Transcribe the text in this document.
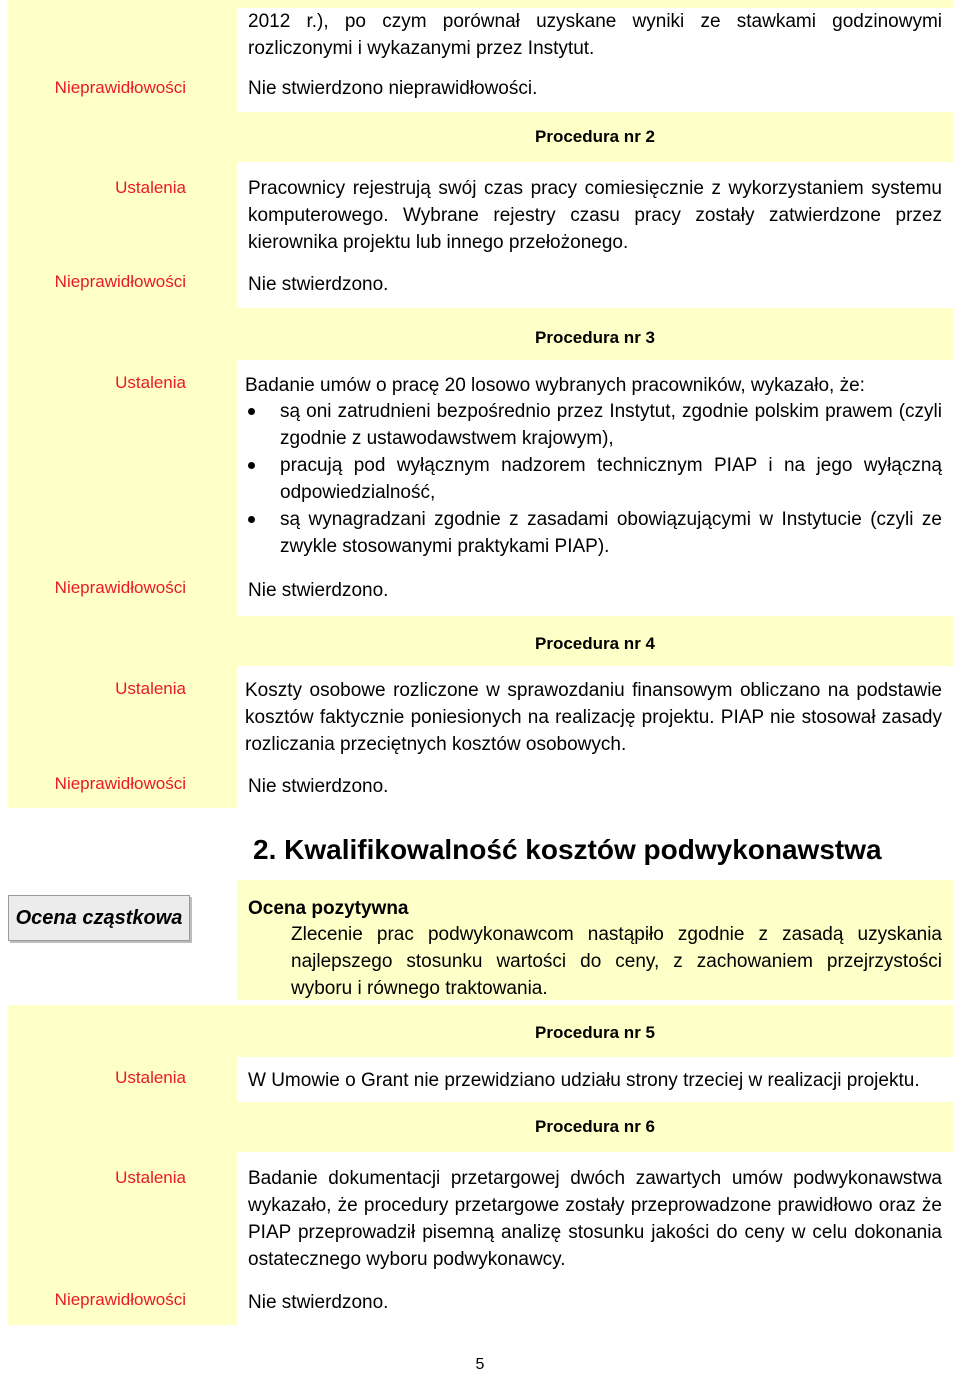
2012 r.), po czym porównał uzyskane wyniki ze stawkami godzinowymi
rozliczonymi i wykazanymi przez Instytut.
Nieprawidłowości	Nie stwierdzono nieprawidłowości.
Procedura nr 2
Ustalenia	Pracownicy rejestrują swój czas pracy comiesięcznie z wykorzystaniem systemu komputerowego. Wybrane rejestry czasu pracy zostały zatwierdzone przez kierownika projektu lub innego przełożonego.
Nieprawidłowości	Nie stwierdzono.
Procedura nr 3
Ustalenia	Badanie umów o pracę 20 losowo wybranych pracowników, wykazało, że:
są oni zatrudnieni bezpośrednio przez Instytut, zgodnie polskim prawem (czyli zgodnie z ustawodawstwem krajowym),
pracują pod wyłącznym nadzorem technicznym PIAP i na jego wyłączną odpowiedzialność,
są wynagradzani zgodnie z zasadami obowiązującymi w Instytucie (czyli ze zwykle stosowanymi praktykami PIAP).
Nieprawidłowości	Nie stwierdzono.
Procedura nr 4
Ustalenia	Koszty osobowe rozliczone w sprawozdaniu finansowym obliczano na podstawie kosztów faktycznie poniesionych na realizację projektu. PIAP nie stosował zasady rozliczania przeciętnych kosztów osobowych.
Nieprawidłowości	Nie stwierdzono.
2. Kwalifikowalność kosztów podwykonawstwa
Ocena cząstkowa	Ocena pozytywna
Zlecenie prac podwykonawcom nastąpiło zgodnie z zasadą uzyskania najlepszego stosunku wartości do ceny, z zachowaniem przejrzystości wyboru i równego traktowania.
Procedura nr 5
Ustalenia	W Umowie o Grant nie przewidziano udziału strony trzeciej w realizacji projektu.
Procedura nr 6
Ustalenia	Badanie dokumentacji przetargowej dwóch zawartych umów podwykonawstwa wykazało, że procedury przetargowe zostały przeprowadzone prawidłowo oraz że PIAP przeprowadził pisemną analizę stosunku jakości do ceny w celu dokonania ostatecznego wyboru podwykonawcy.
Nieprawidłowości	Nie stwierdzono.
5
